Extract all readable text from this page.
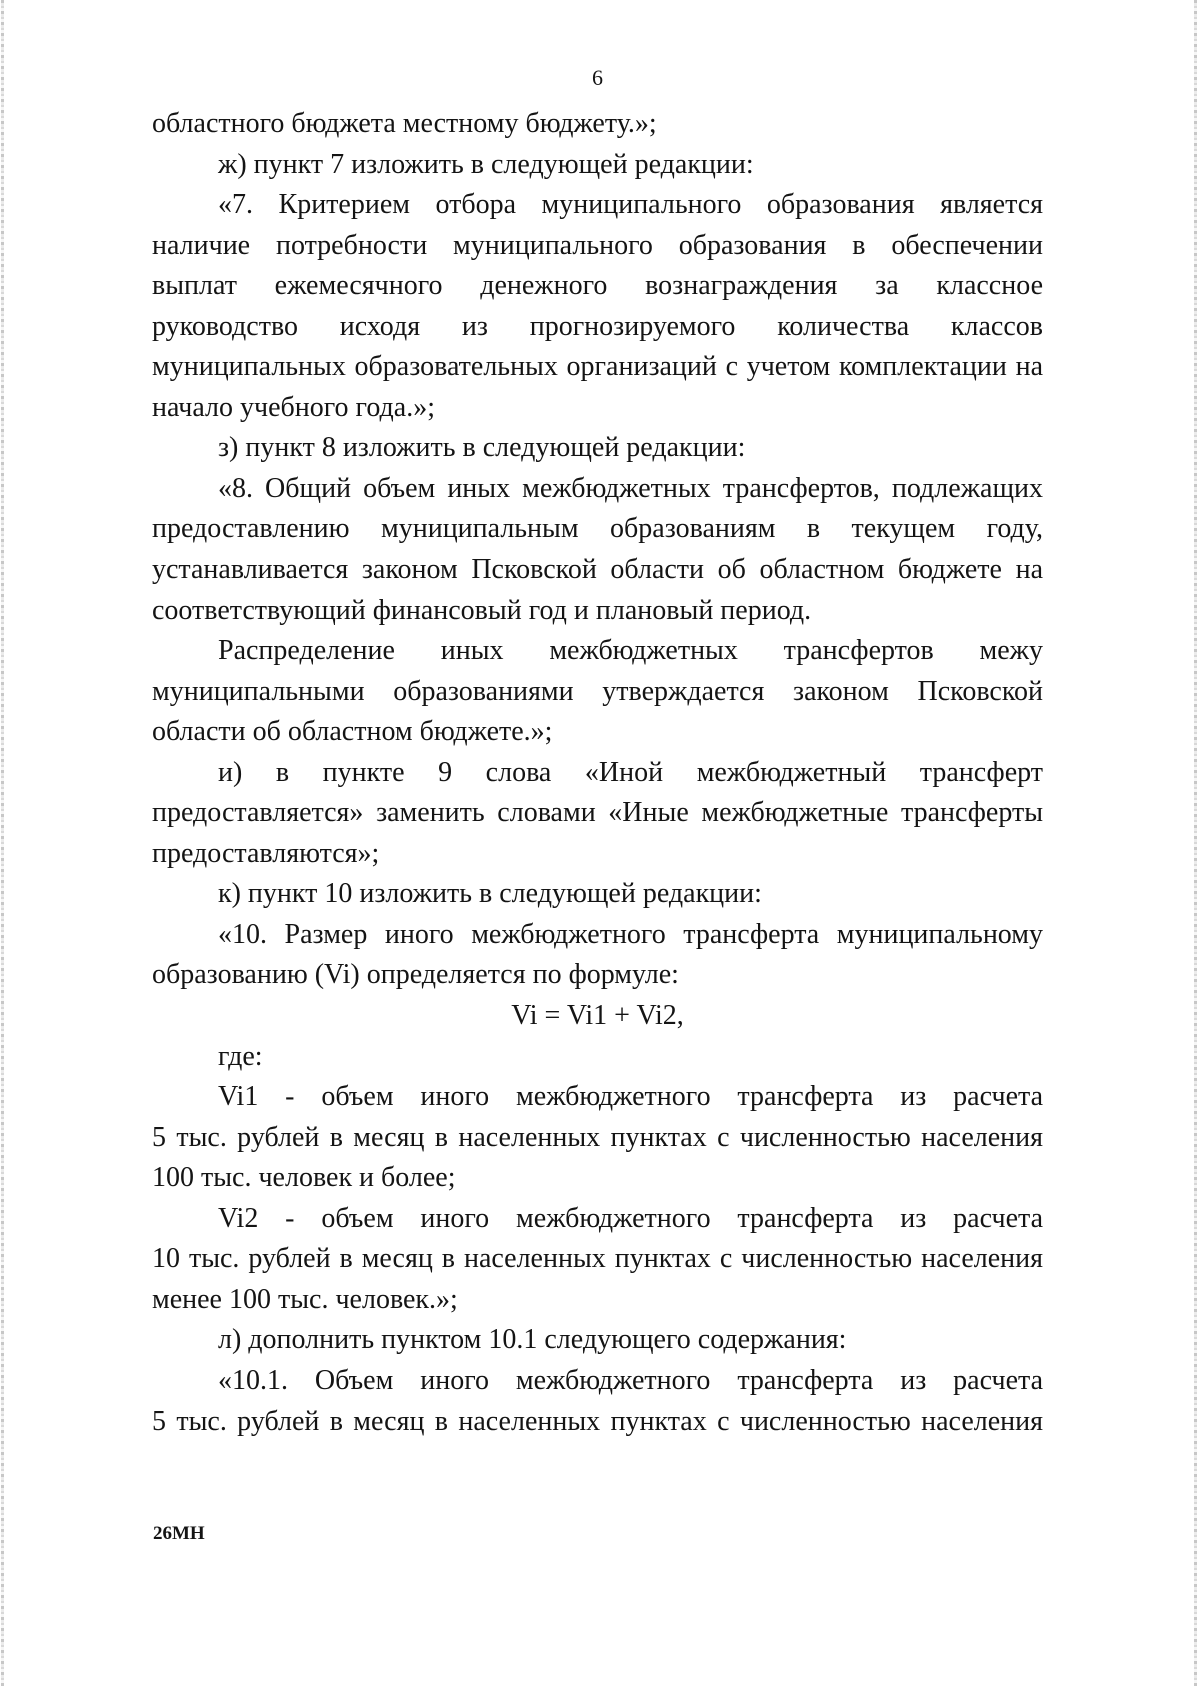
6
областного бюджета местному бюджету.»;
ж) пункт 7 изложить в следующей редакции:
«7. Критерием отбора муниципального образования является
наличие потребности муниципального образования в обеспечении
выплат ежемесячного денежного вознаграждения за классное
руководство исходя из прогнозируемого количества классов
муниципальных образовательных организаций с учетом комплектации на
начало учебного года.»;
з) пункт 8 изложить в следующей редакции:
«8. Общий объем иных межбюджетных трансфертов, подлежащих
предоставлению муниципальным образованиям в текущем году,
устанавливается законом Псковской области об областном бюджете на
соответствующий финансовый год и плановый период.
Распределение иных межбюджетных трансфертов межу
муниципальными образованиями утверждается законом Псковской
области об областном бюджете.»;
и) в пункте 9 слова «Иной межбюджетный трансферт
предоставляется» заменить словами «Иные межбюджетные трансферты
предоставляются»;
к) пункт 10 изложить в следующей редакции:
«10. Размер иного межбюджетного трансферта муниципальному
образованию (Vi) определяется по формуле:
Vi = Vi1 + Vi2,
где:
Vi1 - объем иного межбюджетного трансферта из расчета
5 тыс. рублей в месяц в населенных пунктах с численностью населения
100 тыс. человек и более;
Vi2 - объем иного межбюджетного трансферта из расчета
10 тыс. рублей в месяц в населенных пунктах с численностью населения
менее 100 тыс. человек.»;
л) дополнить пунктом 10.1 следующего содержания:
«10.1. Объем иного межбюджетного трансферта из расчета
5 тыс. рублей в месяц в населенных пунктах с численностью населения
26МН
